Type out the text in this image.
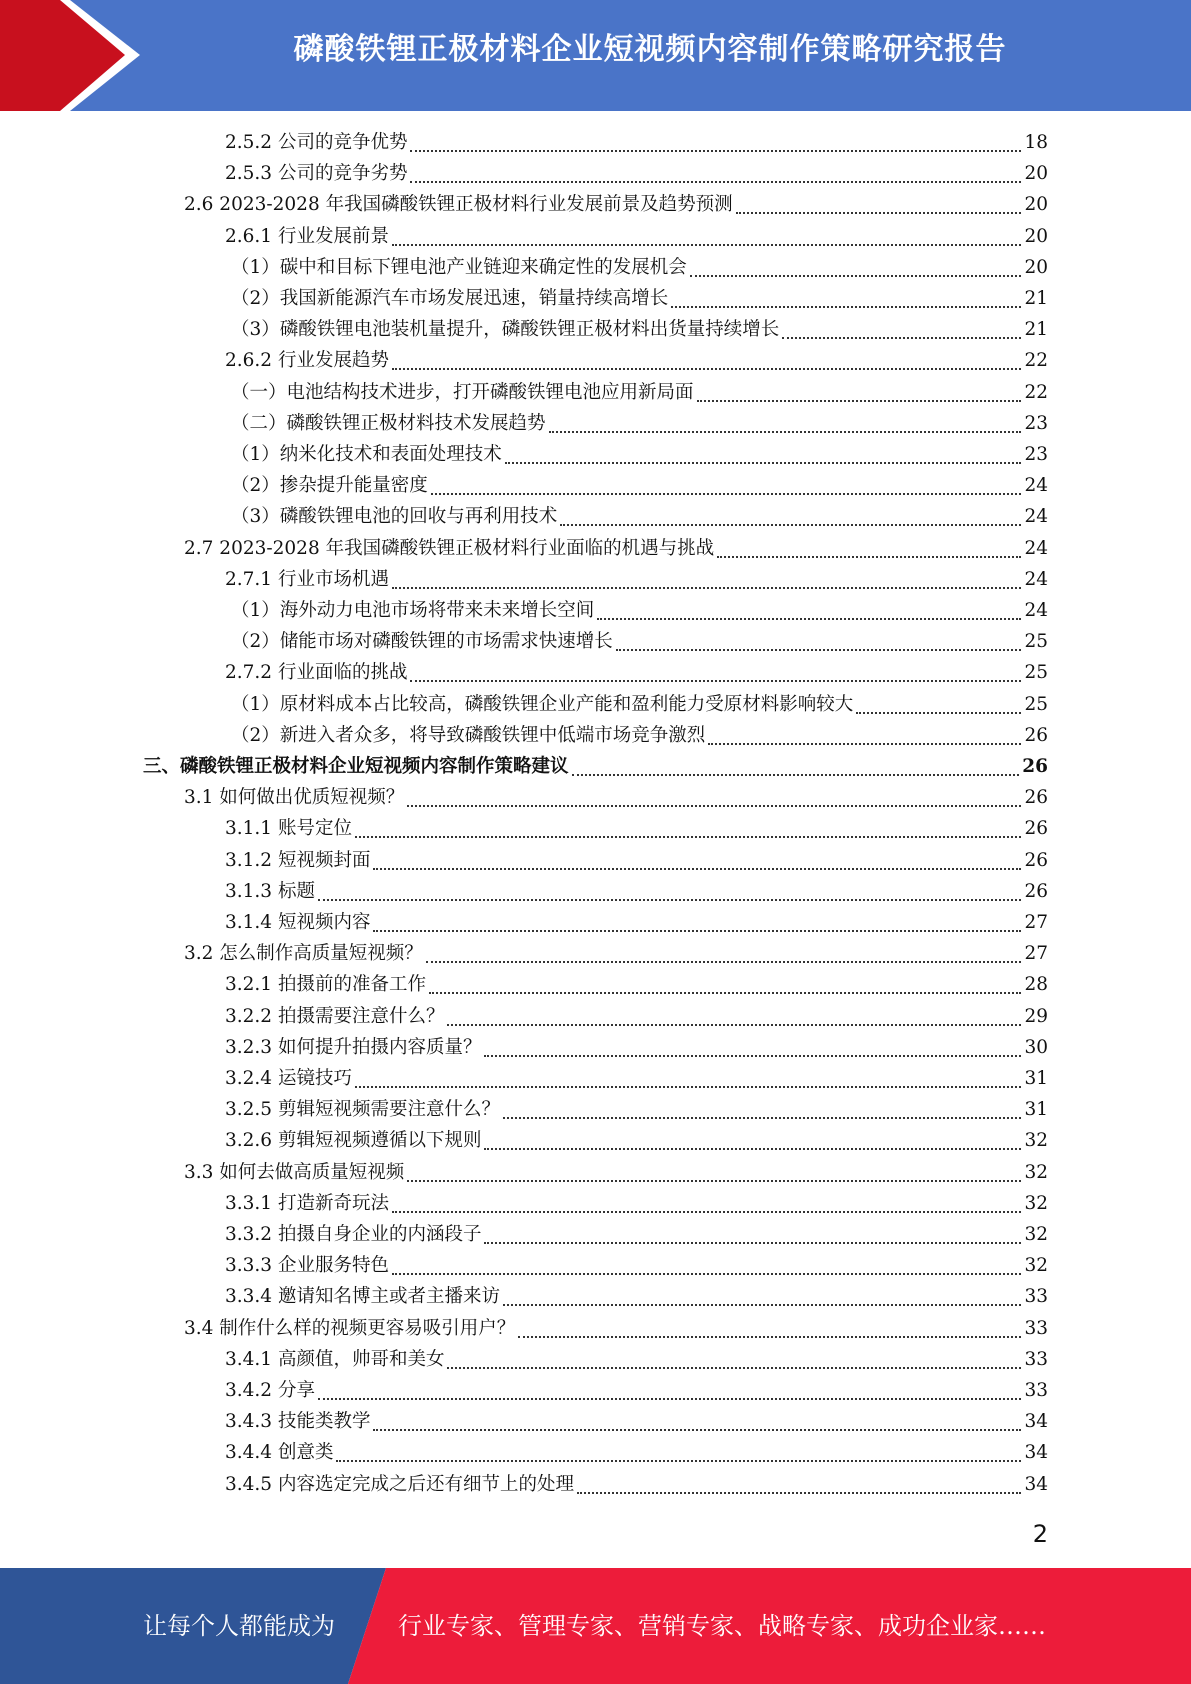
磷酸铁锂正极材料企业短视频内容制作策略研究报告
2.5.2 公司的竞争优势	18
2.5.3 公司的竞争劣势	20
2.6 2023-2028 年我国磷酸铁锂正极材料行业发展前景及趋势预测	20
2.6.1 行业发展前景	20
（1）碳中和目标下锂电池产业链迎来确定性的发展机会	20
（2）我国新能源汽车市场发展迅速，销量持续高增长	21
（3）磷酸铁锂电池装机量提升，磷酸铁锂正极材料出货量持续增长	21
2.6.2 行业发展趋势	22
（一）电池结构技术进步，打开磷酸铁锂电池应用新局面	22
（二）磷酸铁锂正极材料技术发展趋势	23
（1）纳米化技术和表面处理技术	23
（2）掺杂提升能量密度	24
（3）磷酸铁锂电池的回收与再利用技术	24
2.7 2023-2028 年我国磷酸铁锂正极材料行业面临的机遇与挑战	24
2.7.1 行业市场机遇	24
（1）海外动力电池市场将带来未来增长空间	24
（2）储能市场对磷酸铁锂的市场需求快速增长	25
2.7.2 行业面临的挑战	25
（1）原材料成本占比较高，磷酸铁锂企业产能和盈利能力受原材料影响较大	25
（2）新进入者众多，将导致磷酸铁锂中低端市场竞争激烈	26
三、磷酸铁锂正极材料企业短视频内容制作策略建议	26
3.1 如何做出优质短视频？	26
3.1.1 账号定位	26
3.1.2 短视频封面	26
3.1.3 标题	26
3.1.4 短视频内容	27
3.2 怎么制作高质量短视频？	27
3.2.1 拍摄前的准备工作	28
3.2.2 拍摄需要注意什么？	29
3.2.3 如何提升拍摄内容质量？	30
3.2.4 运镜技巧	31
3.2.5 剪辑短视频需要注意什么？	31
3.2.6 剪辑短视频遵循以下规则	32
3.3 如何去做高质量短视频	32
3.3.1 打造新奇玩法	32
3.3.2 拍摄自身企业的内涵段子	32
3.3.3 企业服务特色	32
3.3.4 邀请知名博主或者主播来访	33
3.4 制作什么样的视频更容易吸引用户？	33
3.4.1 高颜值，帅哥和美女	33
3.4.2 分享	33
3.4.3 技能类教学	34
3.4.4 创意类	34
3.4.5 内容选定完成之后还有细节上的处理	34
2
让每个人都能成为	行业专家、管理专家、营销专家、战略专家、成功企业家……
